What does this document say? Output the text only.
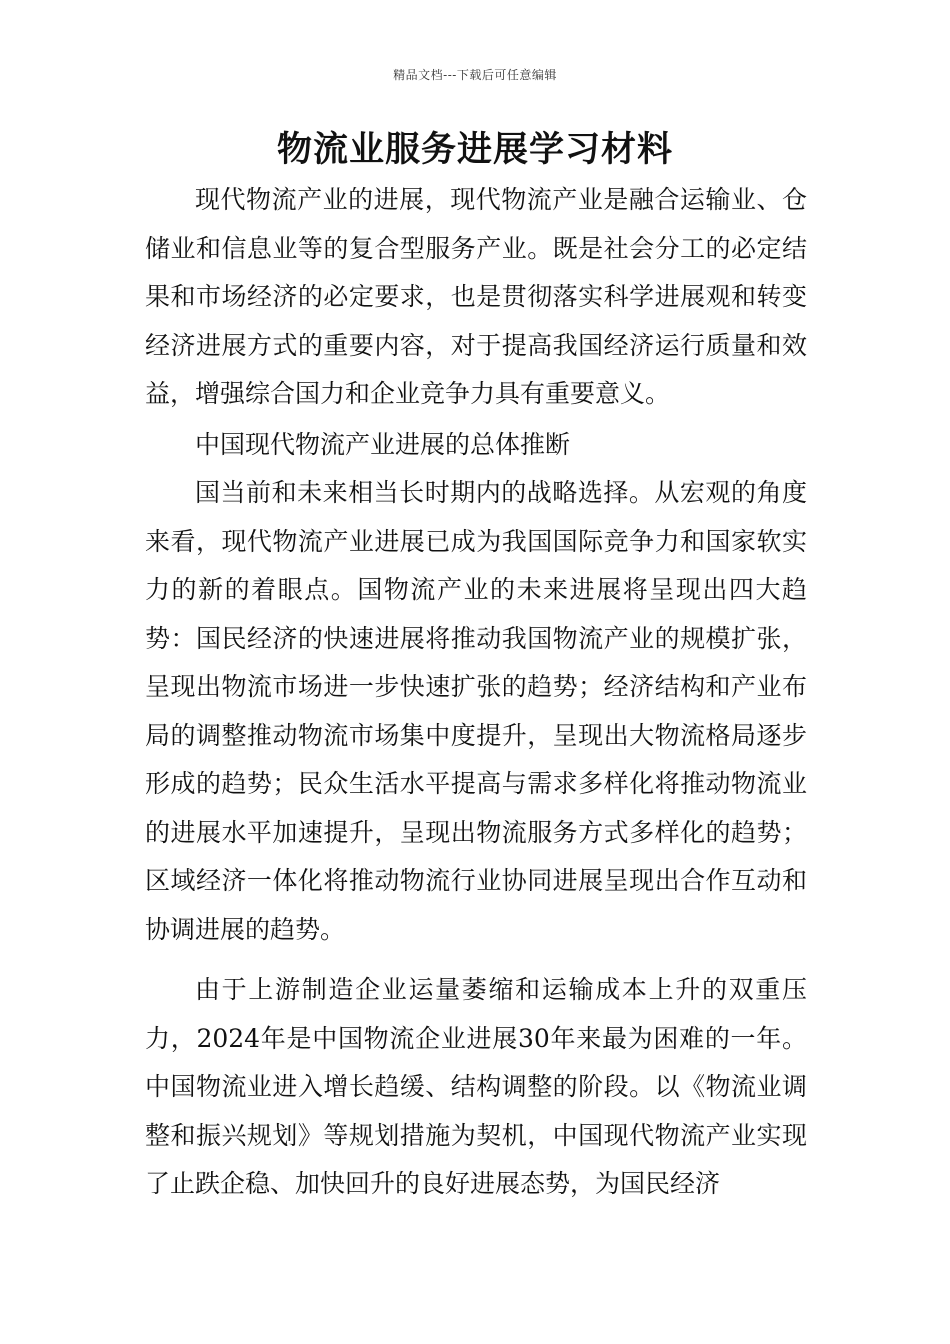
精品文档---下载后可任意编辑
物流业服务进展学习材料

现代物流产业的进展，现代物流产业是融合运输业、仓储业和信息业等的复合型服务产业。既是社会分工的必定结果和市场经济的必定要求，也是贯彻落实科学进展观和转变经济进展方式的重要内容，对于提高我国经济运行质量和效益，增强综合国力和企业竞争力具有重要意义。

中国现代物流产业进展的总体推断

国当前和未来相当长时期内的战略选择。从宏观的角度来看，现代物流产业进展已成为我国国际竞争力和国家软实力的新的着眼点。国物流产业的未来进展将呈现出四大趋势：国民经济的快速进展将推动我国物流产业的规模扩张，呈现出物流市场进一步快速扩张的趋势；经济结构和产业布局的调整推动物流市场集中度提升，呈现出大物流格局逐步形成的趋势；民众生活水平提高与需求多样化将推动物流业的进展水平加速提升，呈现出物流服务方式多样化的趋势；区域经济一体化将推动物流行业协同进展呈现出合作互动和协调进展的趋势。

由于上游制造企业运量萎缩和运输成本上升的双重压力，2024年是中国物流企业进展30年来最为困难的一年。中国物流业进入增长趋缓、结构调整的阶段。以《物流业调整和振兴规划》等规划措施为契机，中国现代物流产业实现了止跌企稳、加快回升的良好进展态势，为国民经济
